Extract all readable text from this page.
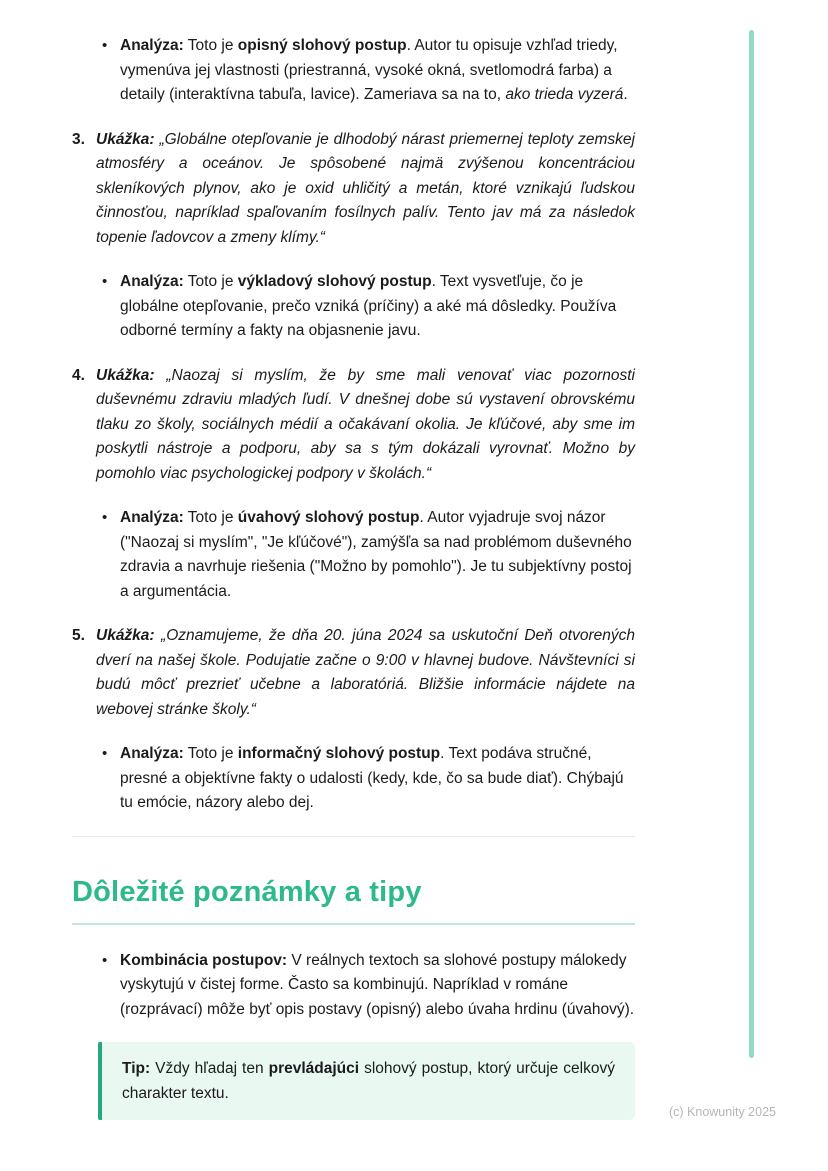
• Analýza: Toto je opisný slohový postup. Autor tu opisuje vzhľad triedy, vymenúva jej vlastnosti (priestranná, vysoké okná, svetlomodrá farba) a detaily (interaktívna tabuľa, lavice). Zameriava sa na to, ako trieda vyzerá.

3. Ukážka: „Globálne otepľovanie je dlhodobý nárast priemernej teploty zemskej atmosféry a oceánov. Je spôsobené najmä zvýšenou koncentráciou skleníkových plynov, ako je oxid uhličitý a metán, ktoré vznikajú ľudskou činnosťou, napríklad spaľovaním fosílnych palív. Tento jav má za následok topenie ľadovcov a zmeny klímy.“

• Analýza: Toto je výkladový slohový postup. Text vysvetľuje, čo je globálne otepľovanie, prečo vzniká (príčiny) a aké má dôsledky. Používa odborné termíny a fakty na objasnenie javu.

4. Ukážka: „Naozaj si myslím, že by sme mali venovať viac pozornosti duševnému zdraviu mladých ľudí. V dnešnej dobe sú vystavení obrovskému tlaku zo školy, sociálnych médií a očakávaní okolia. Je kľúčové, aby sme im poskytli nástroje a podporu, aby sa s tým dokázali vyrovnať. Možno by pomohlo viac psychologickej podpory v školách.“

• Analýza: Toto je úvahový slohový postup. Autor vyjadruje svoj názor ("Naozaj si myslím", "Je kľúčové"), zamýšľa sa nad problémom duševného zdravia a navrhuje riešenia ("Možno by pomohlo"). Je tu subjektívny postoj a argumentácia.

5. Ukážka: „Oznamujeme, že dňa 20. júna 2024 sa uskutoční Deň otvorených dverí na našej škole. Podujatie začne o 9:00 v hlavnej budove. Návštevníci si budú môcť prezrieť učebne a laboratóriá. Bližšie informácie nájdete na webovej stránke školy.“

• Analýza: Toto je informačný slohový postup. Text podáva stručné, presné a objektívne fakty o udalosti (kedy, kde, čo sa bude diať). Chýbajú tu emócie, názory alebo dej.

Dôležité poznámky a tipy
• Kombinácia postupov: V reálnych textoch sa slohové postupy málokedy vyskytujú v čistej forme. Často sa kombinujú. Napríklad v románe (rozprávací) môže byť opis postavy (opisný) alebo úvaha hrdinu (úvahový).

Tip: Vždy hľadaj ten prevládajúci slohový postup, ktorý určuje celkový charakter textu.

(c) Knowunity 2025
